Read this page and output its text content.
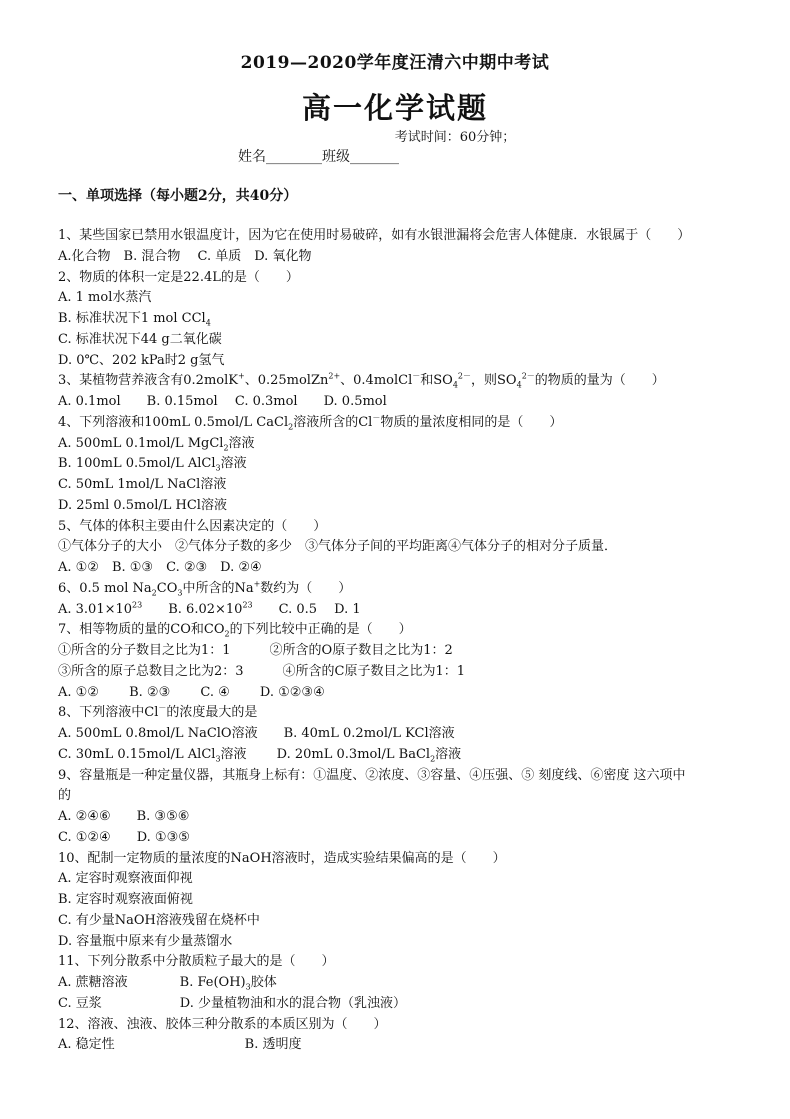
2019—2020学年度汪清六中期中考试
高一化学试题
考试时间：60分钟；
姓名________班级_______
一、单项选择（每小题2分，共40分）
1、某些国家已禁用水银温度计，因为它在使用时易破碎，如有水银泄漏将会危害人体健康．水银属于（　　）
A.化合物　B. 混合物　 C. 单质　D. 氧化物
2、物质的体积一定是22.4L的是（　　）
A. 1 mol水蒸汽
B. 标准状况下1 mol CCl$_4$
C. 标准状况下44 g二氧化碳
D. 0℃、202 kPa时2 g氢气
3、某植物营养液含有0.2molK+、0.25molZn$^{2+}$、0.4molCl－和$SO_4^{2-}$，则$SO_4^{2-}$的物质的量为（　　）
A. 0.1mol　　B. 0.15mol　 C. 0.3mol　　D. 0.5mol
4、下列溶液和100mL 0.5mol/L CaCl$_2$溶液所含的Cl－物质的量浓度相同的是（　　）
A. 500mL 0.1mol/L MgCl$_2$溶液
B. 100mL 0.5mol/L AlCl$_3$溶液
C. 50mL 1mol/L NaCl溶液
D. 25ml 0.5mol/L HCl溶液
5、气体的体积主要由什么因素决定的（　　）
①气体分子的大小　②气体分子数的多少　③气体分子间的平均距离④气体分子的相对分子质量．
A. ①②　B. ①③　C. ②③　D. ②④
6、0.5 mol $Na_2CO_3$中所含的Na+数约为（　　）
A. $3.01\times 10^{23}$　　B. $6.02\times 10^{23}$　　C. 0.5　 D. 1
7、相等物质的量的CO和$CO_2$的下列比较中正确的是（　　）
①所含的分子数目之比为1：1　　　②所含的O原子数目之比为1：2
③所含的原子总数目之比为2：3　　　④所含的C原子数目之比为1：1
A. ①②　　 B. ②③　　 C. ④　　 D. ①②③④
8、下列溶液中Cl－的浓度最大的是
A. 500mL 0.8mol/L NaClO溶液　　B. 40mL 0.2mol/L KCl溶液
C. 30mL 0.15mol/L AlCl$_3$溶液　　 D. 20mL 0.3mol/L BaCl$_2$溶液
9、容量瓶是一种定量仪器，其瓶身上标有：①温度、②浓度、③容量、④压强、⑤ 刻度线、⑥密度 这六项中
的
A. ②④⑥　　B. ③⑤⑥
C. ①②④　　D. ①③⑤
10、配制一定物质的量浓度的NaOH溶液时，造成实验结果偏高的是（　　）
A. 定容时观察液面仰视
B. 定容时观察液面俯视
C. 有少量NaOH溶液残留在烧杯中
D. 容量瓶中原来有少量蒸馏水
11、下列分散系中分散质粒子最大的是（　　）
A. 蔗糖溶液　　　　B. $Fe(OH)_3$胶体
C. 豆浆　　　　　　D. 少量植物油和水的混合物（乳浊液）
12、溶液、浊液、胶体三种分散系的本质区别为（　　）
A. 稳定性　　　　　　　　　　B. 透明度
